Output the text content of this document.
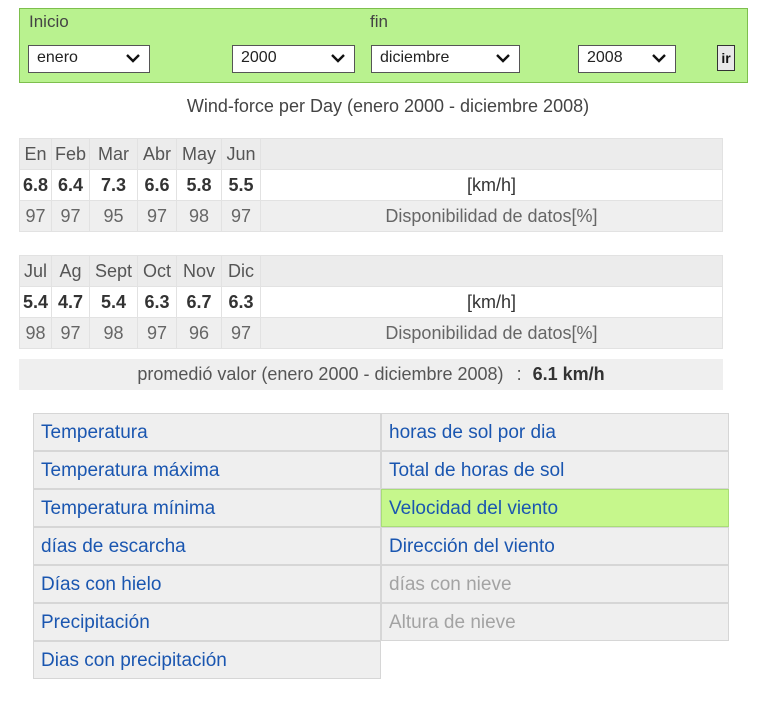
Inicio	fin
enero	2000	diciembre	2008	ir
Wind-force per Day (enero 2000 - diciembre 2008)
En	Feb	Mar	Abr	May	Jun	
6.8	6.4	7.3	6.6	5.8	5.5	[km/h]
97	97	95	97	98	97	Disponibilidad de datos[%]
Jul	Ag	Sept	Oct	Nov	Dic	
5.4	4.7	5.4	6.3	6.7	6.3	[km/h]
98	97	98	97	96	97	Disponibilidad de datos[%]
promedió valor (enero 2000 - diciembre 2008) : 6.1 km/h
Temperatura
Temperatura máxima
Temperatura mínima
días de escarcha
Días con hielo
Precipitación
Dias con precipitación
horas de sol por dia
Total de horas de sol
Velocidad del viento
Dirección del viento
días con nieve
Altura de nieve
